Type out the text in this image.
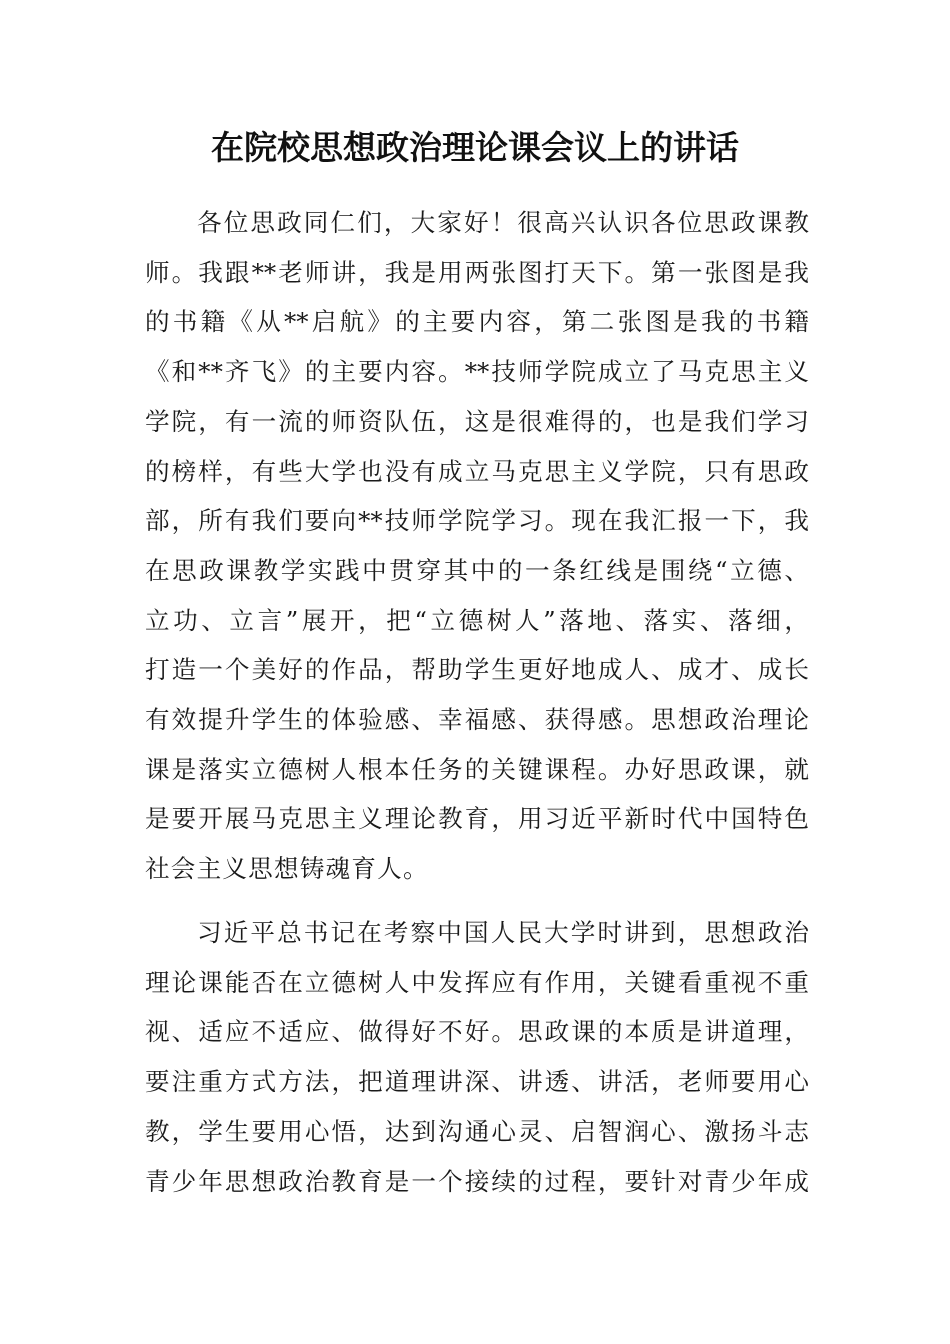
在院校思想政治理论课会议上的讲话
各位思政同仁们，大家好！很高兴认识各位思政课教
师。我跟**老师讲，我是用两张图打天下。第一张图是我
的书籍《从**启航》的主要内容，第二张图是我的书籍
《和**齐飞》的主要内容。**技师学院成立了马克思主义
学院，有一流的师资队伍，这是很难得的，也是我们学习
的榜样，有些大学也没有成立马克思主义学院，只有思政
部，所有我们要向**技师学院学习。现在我汇报一下，我
在思政课教学实践中贯穿其中的一条红线是围绕“立德、
立功、立言”展开，把“立德树人”落地、落实、落细，
打造一个美好的作品，帮助学生更好地成人、成才、成长
有效提升学生的体验感、幸福感、获得感。思想政治理论
课是落实立德树人根本任务的关键课程。办好思政课，就
是要开展马克思主义理论教育，用习近平新时代中国特色
社会主义思想铸魂育人。
习近平总书记在考察中国人民大学时讲到，思想政治
理论课能否在立德树人中发挥应有作用，关键看重视不重
视、适应不适应、做得好不好。思政课的本质是讲道理，
要注重方式方法，把道理讲深、讲透、讲活，老师要用心
教，学生要用心悟，达到沟通心灵、启智润心、激扬斗志
青少年思想政治教育是一个接续的过程，要针对青少年成
